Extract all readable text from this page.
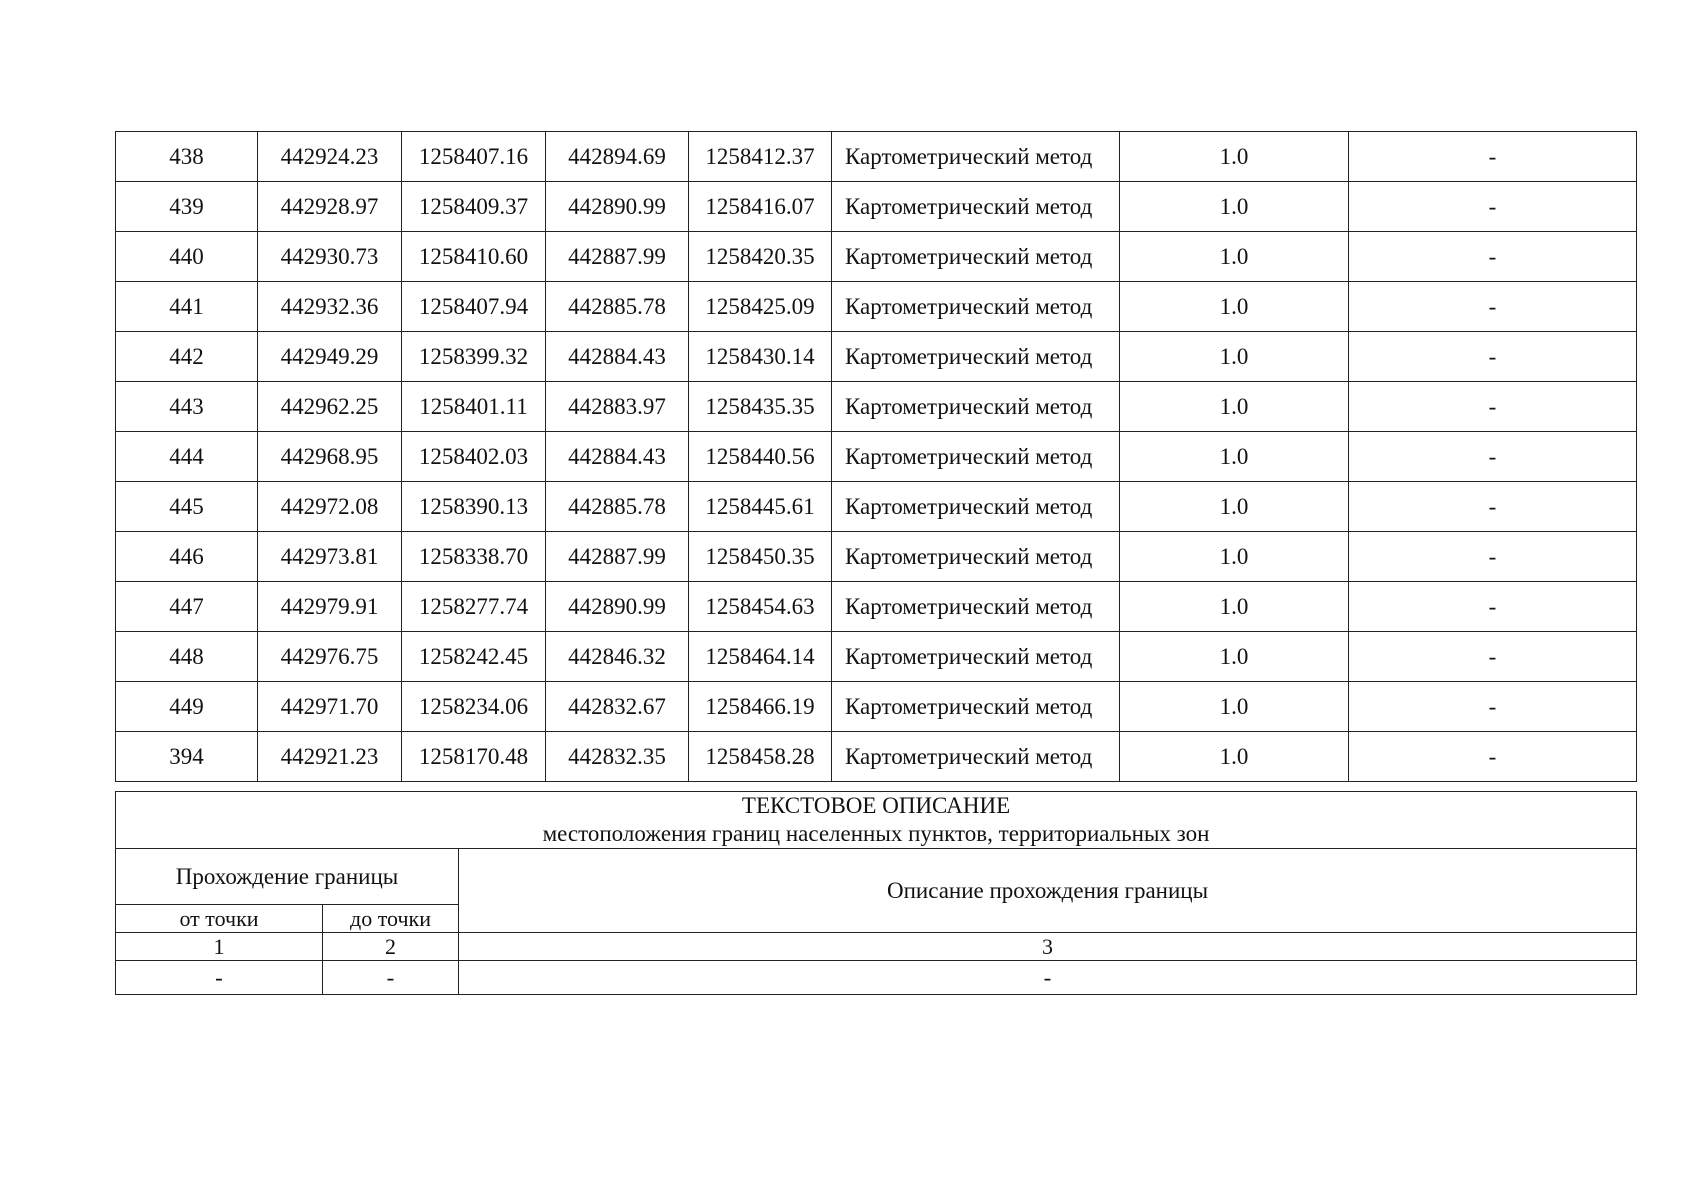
438	442924.23	1258407.16	442894.69	1258412.37	Картометрический метод	1.0	-
439	442928.97	1258409.37	442890.99	1258416.07	Картометрический метод	1.0	-
440	442930.73	1258410.60	442887.99	1258420.35	Картометрический метод	1.0	-
441	442932.36	1258407.94	442885.78	1258425.09	Картометрический метод	1.0	-
442	442949.29	1258399.32	442884.43	1258430.14	Картометрический метод	1.0	-
443	442962.25	1258401.11	442883.97	1258435.35	Картометрический метод	1.0	-
444	442968.95	1258402.03	442884.43	1258440.56	Картометрический метод	1.0	-
445	442972.08	1258390.13	442885.78	1258445.61	Картометрический метод	1.0	-
446	442973.81	1258338.70	442887.99	1258450.35	Картометрический метод	1.0	-
447	442979.91	1258277.74	442890.99	1258454.63	Картометрический метод	1.0	-
448	442976.75	1258242.45	442846.32	1258464.14	Картометрический метод	1.0	-
449	442971.70	1258234.06	442832.67	1258466.19	Картометрический метод	1.0	-
394	442921.23	1258170.48	442832.35	1258458.28	Картометрический метод	1.0	-
ТЕКСТОВОЕ ОПИСАНИЕ
местоположения границ населенных пунктов, территориальных зон		

Прохождение границы		Описание прохождения границы
от точки	до точки	
1	2	3
-	-	-
